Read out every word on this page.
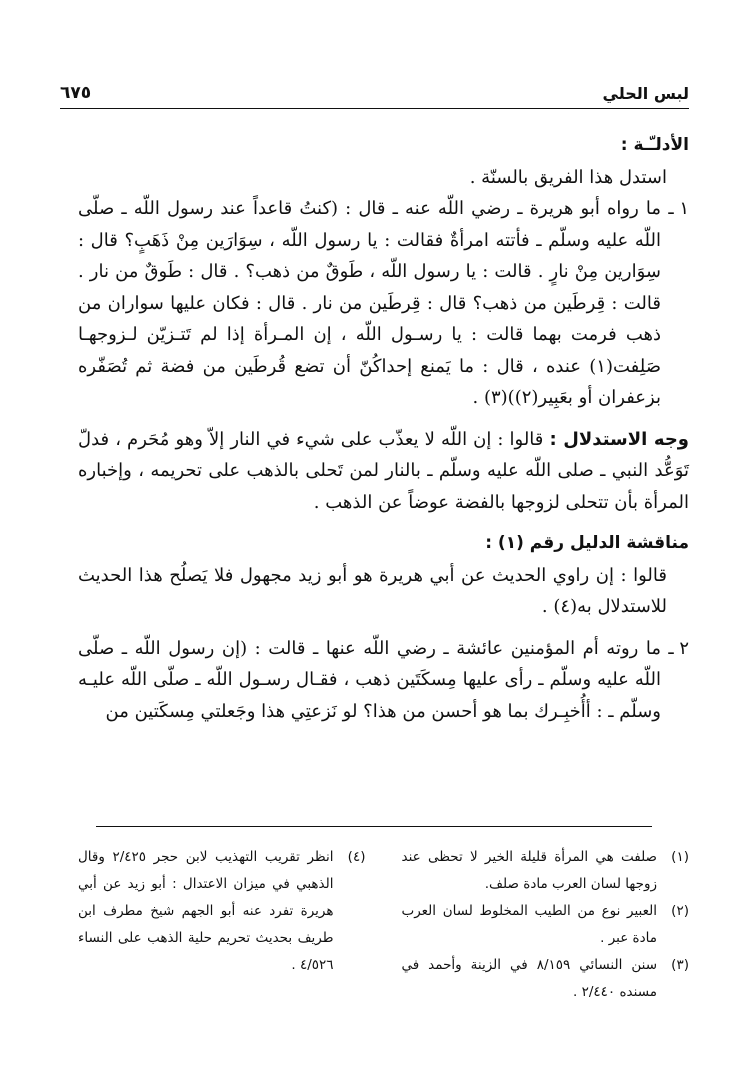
لبس الحلي
٦٧٥

الأدلـّـة :

استدل هذا الفريق بالسنّة .

١ ـ
ما رواه أبو هريرة ـ رضي اللّه عنه ـ قال : (كنتُ قاعداً عند رسول اللّه ـ صلّى اللّه عليه وسلّم ـ فأتته امرأةٌ فقالت : يا رسول اللّه ، سِوَارَين مِنْ ذَهَبٍ؟ قال : سِوَارين مِنْ نارٍ . قالت : يا رسول اللّه ، طَوقٌ من ذهب؟ . قال : طَوقٌ من نار . قالت : قِرطَين من ذهب؟ قال : قِرطَين من نار . قال : فكان عليها سواران من ذهب فرمت بهما قالت : يا رسـول اللّه ، إن المـرأة إذا لم تَتـزيّن لـزوجهـا صَلِفت(١) عنده ، قال : ما يَمنع إحداكُنّ أن تضع قُرطَين من فضة ثم تُصَفّره بزعفران أو بعَبِير(٢))(٣) .

وجه الاستدلال : قالوا : إن اللّه لا يعذّب على شيء في النار إلاّ وهو مُحَرم ، فدلّ تَوَعُّد النبي ـ صلى اللّه عليه وسلّم ـ بالنار لمن تَحلى بالذهب على تحريمه ، وإخباره المرأة بأن تتحلى لزوجها بالفضة عوضاً عن الذهب .

مناقشة الدليل رقم (١) :

قالوا : إن راوي الحديث عن أبي هريرة هو أبو زيد مجهول فلا يَصلُح هذا الحديث للاستدلال به(٤) .

٢ ـ
ما روته أم المؤمنين عائشة ـ رضي اللّه عنها ـ قالت : (إن رسول اللّه ـ صلّى اللّه عليه وسلّم ـ رأى عليها مِسكَتَين ذهب ، فقـال رسـول اللّه ـ صلّى اللّه عليـه وسلّم ـ : أأُخبِـرك بما هو أحسن من هذا؟ لو نَزعتِي هذا وجَعلتي مِسكَتين من
(١)
صلفت هي المرأة قليلة الخير لا تحظى عند زوجها لسان العرب مادة صلف.
(٢)
العبير نوع من الطيب المخلوط لسان العرب مادة عبر .
(٣)
سنن النسائي ٨/١٥٩ في الزينة وأحمد في مسنده ٢/٤٤٠ .
(٤)
انظر تقريب التهذيب لابن حجر ٢/٤٢٥ وقال الذهبي في ميزان الاعتدال : أبو زيد عن أبي هريرة تفرد عنه أبو الجهم شيخ مطرف ابن طريف بحديث تحريم حلية الذهب على النساء ٤/٥٢٦ .
